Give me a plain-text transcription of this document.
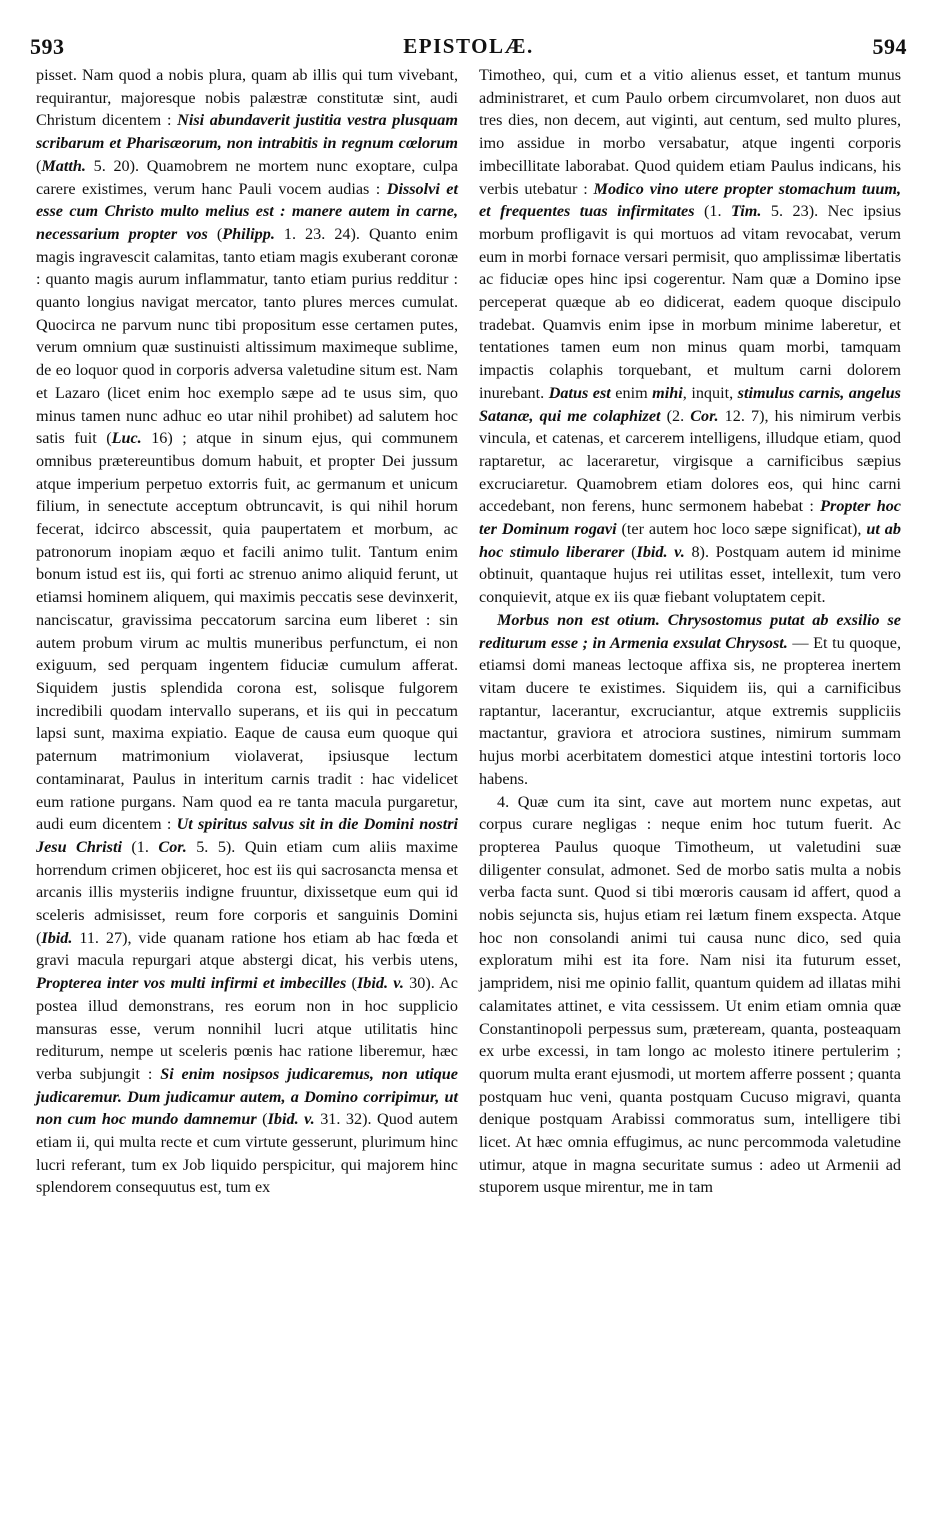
593	EPISTOLÆ.	594

pisset. Nam quod a nobis plura, quam ab illis qui tum vivebant, requirantur, majoresque nobis palæstræ constitutæ sint, audi Christum dicentem : Nisi abundaverit justitia vestra plusquam scribarum et Pharisæorum, non intrabitis in regnum cœlorum (Matth. 5. 20). Quamobrem ne mortem nunc exoptare, culpa carere existimes, verum hanc Pauli vocem audias : Dissolvi et esse cum Christo multo melius est : manere autem in carne, necessarium propter vos (Philipp. 1. 23. 24). Quanto enim magis ingravescit calamitas, tanto etiam magis exuberant coronæ : quanto magis aurum inflammatur, tanto etiam purius redditur : quanto longius navigat mercator, tanto plures merces cumulat. Quocirca ne parvum nunc tibi propositum esse certamen putes, verum omnium quæ sustinuisti altissimum maximeque sublime, de eo loquor quod in corporis adversa valetudine situm est. Nam et Lazaro (licet enim hoc exemplo sæpe ad te usus sim, quo minus tamen nunc adhuc eo utar nihil prohibet) ad salutem hoc satis fuit (Luc. 16) ; atque in sinum ejus, qui communem omnibus prætereuntibus domum habuit, et propter Dei jussum atque imperium perpetuo extorris fuit, ac germanum et unicum filium, in senectute acceptum obtruncavit, is qui nihil horum fecerat, idcirco abscessit, quia paupertatem et morbum, ac patronorum inopiam æquo et facili animo tulit. Tantum enim bonum istud est iis, qui forti ac strenuo animo aliquid ferunt, ut etiamsi hominem aliquem, qui maximis peccatis sese devinxerit, nanciscatur, gravissima peccatorum sarcina eum liberet : sin autem probum virum ac multis muneribus perfunctum, ei non exiguum, sed perquam ingentem fiduciæ cumulum afferat. Siquidem justis splendida corona est, solisque fulgorem incredibili quodam intervallo superans, et iis qui in peccatum lapsi sunt, maxima expiatio. Eaque de causa eum quoque qui paternum matrimonium violaverat, ipsiusque lectum contaminarat, Paulus in interitum carnis tradit : hac videlicet eum ratione purgans. Nam quod ea re tanta macula purgaretur, audi eum dicentem : Ut spiritus salvus sit in die Domini nostri Jesu Christi (1. Cor. 5. 5). Quin etiam cum aliis maxime horrendum crimen objiceret, hoc est iis qui sacrosancta mensa et arcanis illis mysteriis indigne fruuntur, dixissetque eum qui id sceleris admisisset, reum fore corporis et sanguinis Domini (Ibid. 11. 27), vide quanam ratione hos etiam ab hac fœda et gravi macula repurgari atque abstergi dicat, his verbis utens, Propterea inter vos multi infirmi et imbecilles (Ibid. v. 30). Ac postea illud demonstrans, res eorum non in hoc supplicio mansuras esse, verum nonnihil lucri atque utilitatis hinc rediturum, nempe ut sceleris pœnis hac ratione liberemur, hæc verba subjungit : Si enim nosipsos judicaremus, non utique judicaremur. Dum judicamur autem, a Domino corripimur, ut non cum hoc mundo damnemur (Ibid. v. 31. 32). Quod autem etiam ii, qui multa recte et cum virtute gesserunt, plurimum hinc lucri referant, tum ex Job liquido perspicitur, qui majorem hinc splendorem consequutus est, tum ex

Timotheo, qui, cum et a vitio alienus esset, et tantum munus administraret, et cum Paulo orbem circumvolaret, non duos aut tres dies, non decem, aut viginti, aut centum, sed multo plures, imo assidue in morbo versabatur, atque ingenti corporis imbecillitate laborabat. Quod quidem etiam Paulus indicans, his verbis utebatur : Modico vino utere propter stomachum tuum, et frequentes tuas infirmitates (1. Tim. 5. 23). Nec ipsius morbum profligavit is qui mortuos ad vitam revocabat, verum eum in morbi fornace versari permisit, quo amplissimæ libertatis ac fiduciæ opes hinc ipsi cogerentur. Nam quæ a Domino ipse perceperat quæque ab eo didicerat, eadem quoque discipulo tradebat. Quamvis enim ipse in morbum minime laberetur, et tentationes tamen eum non minus quam morbi, tamquam impactis colaphis torquebant, et multum carni dolorem inurebant. Datus est enim mihi, inquit, stimulus carnis, angelus Satanæ, qui me colaphizet (2. Cor. 12. 7), his nimirum verbis vincula, et catenas, et carcerem intelligens, illudque etiam, quod raptaretur, ac laceraretur, virgisque a carnificibus sæpius excruciaretur. Quamobrem etiam dolores eos, qui hinc carni accedebant, non ferens, hunc sermonem habebat : Propter hoc ter Dominum rogavi (ter autem hoc loco sæpe significat), ut ab hoc stimulo liberarer (Ibid. v. 8). Postquam autem id minime obtinuit, quantaque hujus rei utilitas esset, intellexit, tum vero conquievit, atque ex iis quæ fiebant voluptatem cepit.

Morbus non est otium. Chrysostomus putat ab exsilio se rediturum esse ; in Armenia exsulat Chrysost. — Et tu quoque, etiamsi domi maneas lectoque affixa sis, ne propterea inertem vitam ducere te existimes. Siquidem iis, qui a carnificibus raptantur, lacerantur, excruciantur, atque extremis suppliciis mactantur, graviora et atrociora sustines, nimirum summam hujus morbi acerbitatem domestici atque intestini tortoris loco habens.

4. Quæ cum ita sint, cave aut mortem nunc expetas, aut corpus curare negligas : neque enim hoc tutum fuerit. Ac propterea Paulus quoque Timotheum, ut valetudini suæ diligenter consulat, admonet. Sed de morbo satis multa a nobis verba facta sunt. Quod si tibi mœroris causam id affert, quod a nobis sejuncta sis, hujus etiam rei lætum finem exspecta. Atque hoc non consolandi animi tui causa nunc dico, sed quia exploratum mihi est ita fore. Nam nisi ita futurum esset, jampridem, nisi me opinio fallit, quantum quidem ad illatas mihi calamitates attinet, e vita cessissem. Ut enim etiam omnia quæ Constantinopoli perpessus sum, præteream, quanta, posteaquam ex urbe excessi, in tam longo ac molesto itinere pertulerim ; quorum multa erant ejusmodi, ut mortem afferre possent ; quanta postquam huc veni, quanta postquam Cucuso migravi, quanta denique postquam Arabissi commoratus sum, intelligere tibi licet. At hæc omnia effugimus, ac nunc percommoda valetudine utimur, atque in magna securitate sumus : adeo ut Armenii ad stuporem usque mirentur, me in tam
